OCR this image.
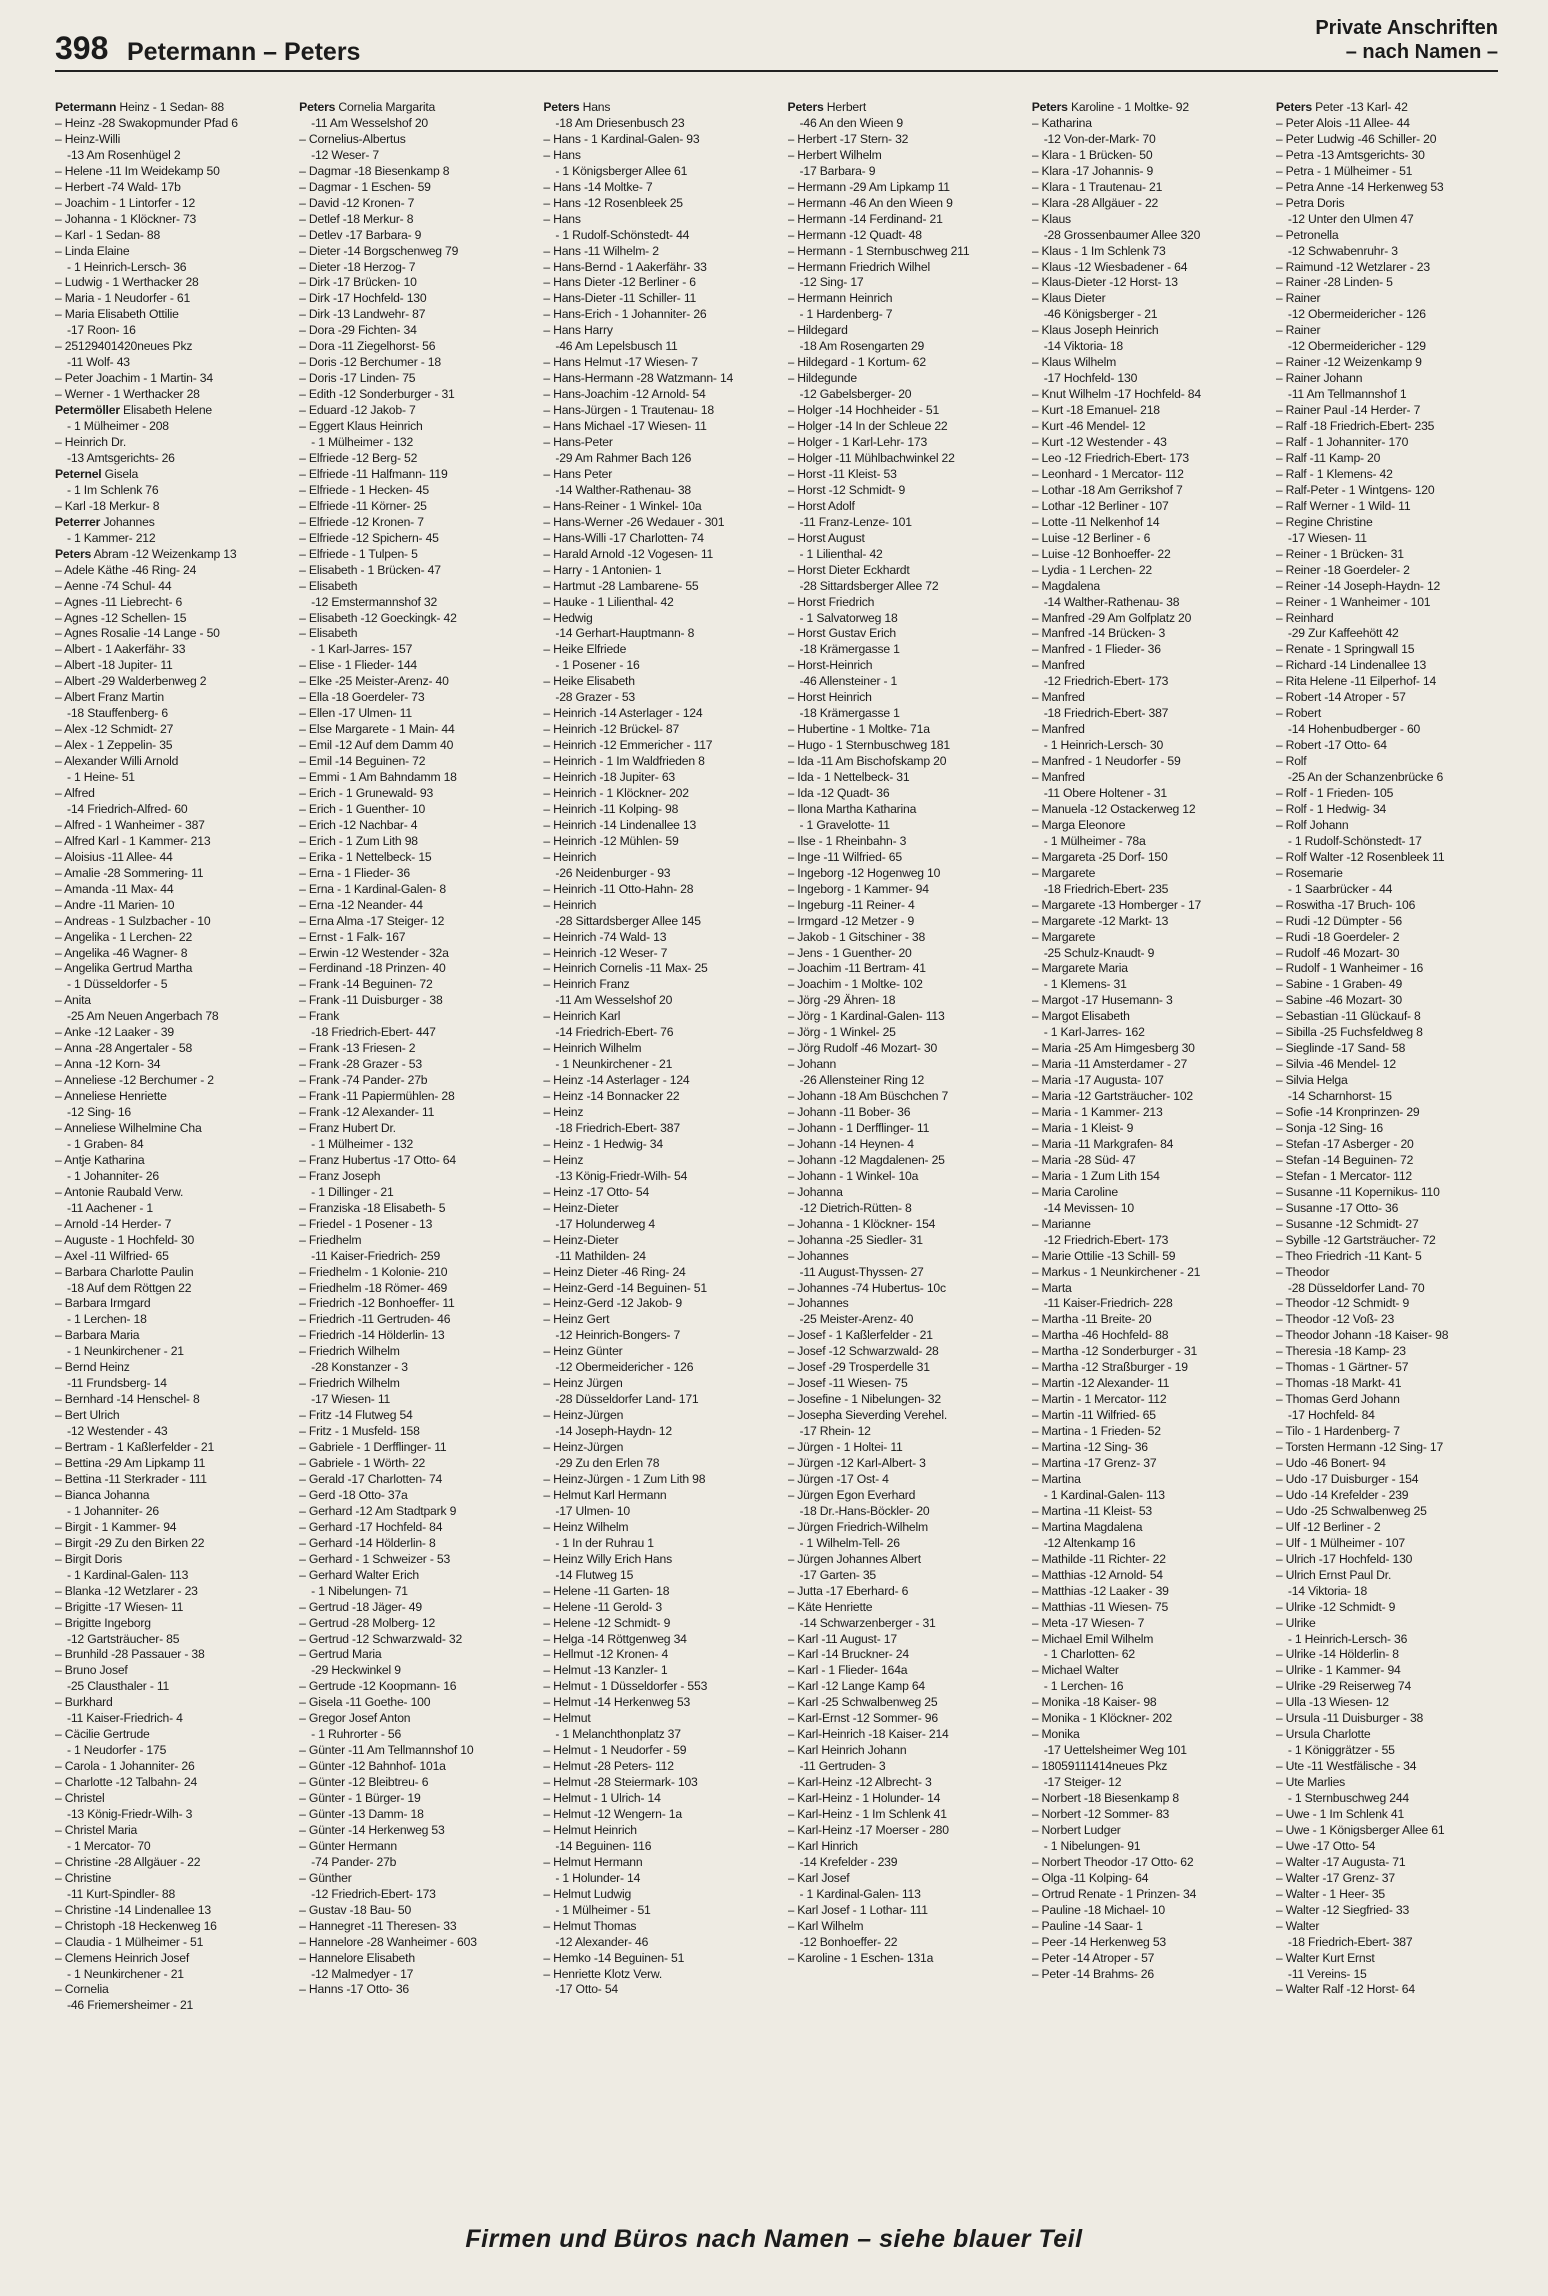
398 Petermann – Peters
Private Anschriften
– nach Namen –
Petermann Heinz - 1 Sedan- 88
– Heinz -28 Swakopmunder Pfad 6
– Heinz-Willi
-13 Am Rosenhügel 2
– Helene -11 Im Weidekamp 50
– Herbert -74 Wald- 17b
– Joachim - 1 Lintorfer - 12
– Johanna - 1 Klöckner- 73
– Karl - 1 Sedan- 88
– Linda Elaine
- 1 Heinrich-Lersch- 36
– Ludwig - 1 Werthacker 28
– Maria - 1 Neudorfer - 61
– Maria Elisabeth Ottilie
-17 Roon- 16
– 25129401420neues Pkz
-11 Wolf- 43
– Peter Joachim - 1 Martin- 34
– Werner - 1 Werthacker 28
Petermöller Elisabeth Helene
- 1 Mülheimer - 208
– Heinrich Dr.
-13 Amtsgerichts- 26
Peternel Gisela
- 1 Im Schlenk 76
– Karl -18 Merkur- 8
Peterrer Johannes
- 1 Kammer- 212
Peters Abram -12 Weizenkamp 13
– Adele Käthe -46 Ring- 24
– Aenne -74 Schul- 44
– Agnes -11 Liebrecht- 6
– Agnes -12 Schellen- 15
– Agnes Rosalie -14 Lange - 50
– Albert - 1 Aakerfähr- 33
– Albert -18 Jupiter- 11
– Albert -29 Walderbenweg 2
– Albert Franz Martin
-18 Stauffenberg- 6
– Alex -12 Schmidt- 27
– Alex - 1 Zeppelin- 35
– Alexander Willi Arnold
- 1 Heine- 51
– Alfred
-14 Friedrich-Alfred- 60
– Alfred - 1 Wanheimer - 387
– Alfred Karl - 1 Kammer- 213
– Aloisius -11 Allee- 44
– Amalie -28 Sommering- 11
– Amanda -11 Max- 44
– Andre -11 Marien- 10
– Andreas - 1 Sulzbacher - 10
– Angelika - 1 Lerchen- 22
– Angelika -46 Wagner- 8
– Angelika Gertrud Martha
- 1 Düsseldorfer - 5
– Anita
-25 Am Neuen Angerbach 78
– Anke -12 Laaker - 39
– Anna -28 Angertaler - 58
– Anna -12 Korn- 34
– Anneliese -12 Berchumer - 2
– Anneliese Henriette
-12 Sing- 16
– Anneliese Wilhelmine Cha
- 1 Graben- 84
– Antje Katharina
- 1 Johanniter- 26
– Antonie Raubald Verw.
-11 Aachener - 1
– Arnold -14 Herder- 7
– Auguste - 1 Hochfeld- 30
– Axel -11 Wilfried- 65
– Barbara Charlotte Paulin
-18 Auf dem Röttgen 22
– Barbara Irmgard
- 1 Lerchen- 18
– Barbara Maria
- 1 Neunkirchener - 21
– Bernd Heinz
-11 Frundsberg- 14
– Bernhard -14 Henschel- 8
– Bert Ulrich
-12 Westender - 43
– Bertram - 1 Kaßlerfelder - 21
– Bettina -29 Am Lipkamp 11
– Bettina -11 Sterkrader - 111
– Bianca Johanna
- 1 Johanniter- 26
– Birgit - 1 Kammer- 94
– Birgit -29 Zu den Birken 22
– Birgit Doris
- 1 Kardinal-Galen- 113
– Blanka -12 Wetzlarer - 23
– Brigitte -17 Wiesen- 11
– Brigitte Ingeborg
-12 Gartsträucher- 85
– Brunhild -28 Passauer - 38
– Bruno Josef
-25 Clausthaler - 11
– Burkhard
-11 Kaiser-Friedrich- 4
– Cäcilie Gertrude
- 1 Neudorfer - 175
– Carola - 1 Johanniter- 26
– Charlotte -12 Talbahn- 24
– Christel
-13 König-Friedr-Wilh- 3
– Christel Maria
- 1 Mercator- 70
– Christine -28 Allgäuer - 22
– Christine
-11 Kurt-Spindler- 88
– Christine -14 Lindenallee 13
– Christoph -18 Heckenweg 16
– Claudia - 1 Mülheimer - 51
– Clemens Heinrich Josef
- 1 Neunkirchener - 21
– Cornelia
-46 Friemersheimer - 21
Peters Cornelia Margarita
-11 Am Wesselshof 20
– Cornelius-Albertus
-12 Weser- 7
– Dagmar -18 Biesenkamp 8
– Dagmar - 1 Eschen- 59
– David -12 Kronen- 7
– Detlef -18 Merkur- 8
– Detlev -17 Barbara- 9
– Dieter -14 Borgschenweg 79
– Dieter -18 Herzog- 7
– Dirk -17 Brücken- 10
– Dirk -17 Hochfeld- 130
– Dirk -13 Landwehr- 87
– Dora -29 Fichten- 34
– Dora -11 Ziegelhorst- 56
– Doris -12 Berchumer - 18
– Doris -17 Linden- 75
– Edith -12 Sonderburger - 31
– Eduard -12 Jakob- 7
– Eggert Klaus Heinrich
- 1 Mülheimer - 132
– Elfriede -12 Berg- 52
– Elfriede -11 Halfmann- 119
– Elfriede - 1 Hecken- 45
– Elfriede -11 Körner- 25
– Elfriede -12 Kronen- 7
– Elfriede -12 Spichern- 45
– Elfriede - 1 Tulpen- 5
– Elisabeth - 1 Brücken- 47
– Elisabeth
-12 Emstermannshof 32
– Elisabeth -12 Goeckingk- 42
– Elisabeth
- 1 Karl-Jarres- 157
– Elise - 1 Flieder- 144
– Elke -25 Meister-Arenz- 40
– Ella -18 Goerdeler- 73
– Ellen -17 Ulmen- 11
– Else Margarete - 1 Main- 44
– Emil -12 Auf dem Damm 40
– Emil -14 Beguinen- 72
– Emmi - 1 Am Bahndamm 18
– Erich - 1 Grunewald- 93
– Erich - 1 Guenther- 10
– Erich -12 Nachbar- 4
– Erich - 1 Zum Lith 98
– Erika - 1 Nettelbeck- 15
– Erna - 1 Flieder- 36
– Erna - 1 Kardinal-Galen- 8
– Erna -12 Neander- 44
– Erna Alma -17 Steiger- 12
– Ernst - 1 Falk- 167
– Erwin -12 Westender - 32a
– Ferdinand -18 Prinzen- 40
– Frank -14 Beguinen- 72
– Frank -11 Duisburger - 38
– Frank
-18 Friedrich-Ebert- 447
– Frank -13 Friesen- 2
– Frank -28 Grazer - 53
– Frank -74 Pander- 27b
– Frank -11 Papiermühlen- 28
– Frank -12 Alexander- 11
– Franz Hubert Dr.
- 1 Mülheimer - 132
– Franz Hubertus -17 Otto- 64
– Franz Joseph
- 1 Dillinger - 21
– Franziska -18 Elisabeth- 5
– Friedel - 1 Posener - 13
– Friedhelm
-11 Kaiser-Friedrich- 259
– Friedhelm - 1 Kolonie- 210
– Friedhelm -18 Römer- 469
– Friedrich -12 Bonhoeffer- 11
– Friedrich -11 Gertruden- 46
– Friedrich -14 Hölderlin- 13
– Friedrich Wilhelm
-28 Konstanzer - 3
– Friedrich Wilhelm
-17 Wiesen- 11
– Fritz -14 Flutweg 54
– Fritz - 1 Musfeld- 158
– Gabriele - 1 Derfflinger- 11
– Gabriele - 1 Wörth- 22
– Gerald -17 Charlotten- 74
– Gerd -18 Otto- 37a
– Gerhard -12 Am Stadtpark 9
– Gerhard -17 Hochfeld- 84
– Gerhard -14 Hölderlin- 8
– Gerhard - 1 Schweizer - 53
– Gerhard Walter Erich
- 1 Nibelungen- 71
– Gertrud -18 Jäger- 49
– Gertrud -28 Molberg- 12
– Gertrud -12 Schwarzwald- 32
– Gertrud Maria
-29 Heckwinkel 9
– Gertrude -12 Koopmann- 16
– Gisela -11 Goethe- 100
– Gregor Josef Anton
- 1 Ruhrorter - 56
– Günter -11 Am Tellmannshof 10
– Günter -12 Bahnhof- 101a
– Günter -12 Bleibtreu- 6
– Günter - 1 Bürger- 19
– Günter -13 Damm- 18
– Günter -14 Herkenweg 53
– Günter Hermann
-74 Pander- 27b
– Günther
-12 Friedrich-Ebert- 173
– Gustav -18 Bau- 50
– Hannegret -11 Theresen- 33
– Hannelore -28 Wanheimer - 603
– Hannelore Elisabeth
-12 Malmedyer - 17
– Hanns -17 Otto- 36
Peters Hans
-18 Am Driesenbusch 23
– Hans - 1 Kardinal-Galen- 93
– Hans
- 1 Königsberger Allee 61
– Hans -14 Moltke- 7
– Hans -12 Rosenbleek 25
– Hans
- 1 Rudolf-Schönstedt- 44
– Hans -11 Wilhelm- 2
– Hans-Bernd - 1 Aakerfähr- 33
– Hans Dieter -12 Berliner - 6
– Hans-Dieter -11 Schiller- 11
– Hans-Erich - 1 Johanniter- 26
– Hans Harry
-46 Am Lepelsbusch 11
– Hans Helmut -17 Wiesen- 7
– Hans-Hermann -28 Watzmann- 14
– Hans-Joachim -12 Arnold- 54
– Hans-Jürgen - 1 Trautenau- 18
– Hans Michael -17 Wiesen- 11
– Hans-Peter
-29 Am Rahmer Bach 126
– Hans Peter
-14 Walther-Rathenau- 38
– Hans-Reiner - 1 Winkel- 10a
– Hans-Werner -26 Wedauer - 301
– Hans-Willi -17 Charlotten- 74
– Harald Arnold -12 Vogesen- 11
– Harry - 1 Antonien- 1
– Hartmut -28 Lambarene- 55
– Hauke - 1 Lilienthal- 42
– Hedwig
-14 Gerhart-Hauptmann- 8
– Heike Elfriede
- 1 Posener - 16
– Heike Elisabeth
-28 Grazer - 53
– Heinrich -14 Asterlager - 124
– Heinrich -12 Brückel- 87
– Heinrich -12 Emmericher - 117
– Heinrich - 1 Im Waldfrieden 8
– Heinrich -18 Jupiter- 63
– Heinrich - 1 Klöckner- 202
– Heinrich -11 Kolping- 98
– Heinrich -14 Lindenallee 13
– Heinrich -12 Mühlen- 59
– Heinrich
-26 Neidenburger - 93
– Heinrich -11 Otto-Hahn- 28
– Heinrich
-28 Sittardsberger Allee 145
– Heinrich -74 Wald- 13
– Heinrich -12 Weser- 7
– Heinrich Cornelis -11 Max- 25
– Heinrich Franz
-11 Am Wesselshof 20
– Heinrich Karl
-14 Friedrich-Ebert- 76
– Heinrich Wilhelm
- 1 Neunkirchener - 21
– Heinz -14 Asterlager - 124
– Heinz -14 Bonnacker 22
– Heinz
-18 Friedrich-Ebert- 387
– Heinz - 1 Hedwig- 34
– Heinz
-13 König-Friedr-Wilh- 54
– Heinz -17 Otto- 54
– Heinz-Dieter
-17 Holunderweg 4
– Heinz-Dieter
-11 Mathilden- 24
– Heinz Dieter -46 Ring- 24
– Heinz-Gerd -14 Beguinen- 51
– Heinz-Gerd -12 Jakob- 9
– Heinz Gert
-12 Heinrich-Bongers- 7
– Heinz Günter
-12 Obermeidericher - 126
– Heinz Jürgen
-28 Düsseldorfer Land- 171
– Heinz-Jürgen
-14 Joseph-Haydn- 12
– Heinz-Jürgen
-29 Zu den Erlen 78
– Heinz-Jürgen - 1 Zum Lith 98
– Helmut Karl Hermann
-17 Ulmen- 10
– Heinz Wilhelm
- 1 In der Ruhrau 1
– Heinz Willy Erich Hans
-14 Flutweg 15
– Helene -11 Garten- 18
– Helene -11 Gerold- 3
– Helene -12 Schmidt- 9
– Helga -14 Röttgenweg 34
– Hellmut -12 Kronen- 4
– Helmut -13 Kanzler- 1
– Helmut - 1 Düsseldorfer - 553
– Helmut -14 Herkenweg 53
– Helmut
- 1 Melanchthonplatz 37
– Helmut - 1 Neudorfer - 59
– Helmut -28 Peters- 112
– Helmut -28 Steiermark- 103
– Helmut - 1 Ulrich- 14
– Helmut -12 Wengern- 1a
– Helmut Heinrich
-14 Beguinen- 116
– Helmut Hermann
- 1 Holunder- 14
– Helmut Ludwig
- 1 Mülheimer - 51
– Helmut Thomas
-12 Alexander- 46
– Hemko -14 Beguinen- 51
– Henriette Klotz Verw.
-17 Otto- 54
Peters Herbert
-46 An den Wieen 9
– Herbert -17 Stern- 32
– Herbert Wilhelm
-17 Barbara- 9
– Hermann -29 Am Lipkamp 11
– Hermann -46 An den Wieen 9
– Hermann -14 Ferdinand- 21
– Hermann -12 Quadt- 48
– Hermann - 1 Sternbuschweg 211
– Hermann Friedrich Wilhel
-12 Sing- 17
– Hermann Heinrich
- 1 Hardenberg- 7
– Hildegard
-18 Am Rosengarten 29
– Hildegard - 1 Kortum- 62
– Hildegunde
-12 Gabelsberger- 20
– Holger -14 Hochheider - 51
– Holger -14 In der Schleue 22
– Holger - 1 Karl-Lehr- 173
– Holger -11 Mühlbachwinkel 22
– Horst -11 Kleist- 53
– Horst -12 Schmidt- 9
– Horst Adolf
-11 Franz-Lenze- 101
– Horst August
- 1 Lilienthal- 42
– Horst Dieter Eckhardt
-28 Sittardsberger Allee 72
– Horst Friedrich
- 1 Salvatorweg 18
– Horst Gustav Erich
-18 Krämergasse 1
– Horst-Heinrich
-46 Allensteiner - 1
– Horst Heinrich
-18 Krämergasse 1
– Hubertine - 1 Moltke- 71a
– Hugo - 1 Sternbuschweg 181
– Ida -11 Am Bischofskamp 20
– Ida - 1 Nettelbeck- 31
– Ida -12 Quadt- 36
– Ilona Martha Katharina
- 1 Gravelotte- 11
– Ilse - 1 Rheinbahn- 3
– Inge -11 Wilfried- 65
– Ingeborg -12 Hogenweg 10
– Ingeborg - 1 Kammer- 94
– Ingeburg -11 Reiner- 4
– Irmgard -12 Metzer - 9
– Jakob - 1 Gitschiner - 38
– Jens - 1 Guenther- 20
– Joachim -11 Bertram- 41
– Joachim - 1 Moltke- 102
– Jörg -29 Ähren- 18
– Jörg - 1 Kardinal-Galen- 113
– Jörg - 1 Winkel- 25
– Jörg Rudolf -46 Mozart- 30
– Johann
-26 Allensteiner Ring 12
– Johann -18 Am Büschchen 7
– Johann -11 Bober- 36
– Johann - 1 Derfflinger- 11
– Johann -14 Heynen- 4
– Johann -12 Magdalenen- 25
– Johann - 1 Winkel- 10a
– Johanna
-12 Dietrich-Rütten- 8
– Johanna - 1 Klöckner- 154
– Johanna -25 Siedler- 31
– Johannes
-11 August-Thyssen- 27
– Johannes -74 Hubertus- 10c
– Johannes
-25 Meister-Arenz- 40
– Josef - 1 Kaßlerfelder - 21
– Josef -12 Schwarzwald- 28
– Josef -29 Trosperdelle 31
– Josef -11 Wiesen- 75
– Josefine - 1 Nibelungen- 32
– Josepha Sieverding Verehel.
-17 Rhein- 12
– Jürgen - 1 Holtei- 11
– Jürgen -12 Karl-Albert- 3
– Jürgen -17 Ost- 4
– Jürgen Egon Everhard
-18 Dr.-Hans-Böckler- 20
– Jürgen Friedrich-Wilhelm
- 1 Wilhelm-Tell- 26
– Jürgen Johannes Albert
-17 Garten- 35
– Jutta -17 Eberhard- 6
– Käte Henriette
-14 Schwarzenberger - 31
– Karl -11 August- 17
– Karl -14 Bruckner- 24
– Karl - 1 Flieder- 164a
– Karl -12 Lange Kamp 64
– Karl -25 Schwalbenweg 25
– Karl-Ernst -12 Sommer- 96
– Karl-Heinrich -18 Kaiser- 214
– Karl Heinrich Johann
-11 Gertruden- 3
– Karl-Heinz -12 Albrecht- 3
– Karl-Heinz - 1 Holunder- 14
– Karl-Heinz - 1 Im Schlenk 41
– Karl-Heinz -17 Moerser - 280
– Karl Hinrich
-14 Krefelder - 239
– Karl Josef
- 1 Kardinal-Galen- 113
– Karl Josef - 1 Lothar- 111
– Karl Wilhelm
-12 Bonhoeffer- 22
– Karoline - 1 Eschen- 131a
Peters Karoline - 1 Moltke- 92
– Katharina
-12 Von-der-Mark- 70
– Klara - 1 Brücken- 50
– Klara -17 Johannis- 9
– Klara - 1 Trautenau- 21
– Klara -28 Allgäuer - 22
– Klaus
-28 Grossenbaumer Allee 320
– Klaus - 1 Im Schlenk 73
– Klaus -12 Wiesbadener - 64
– Klaus-Dieter -12 Horst- 13
– Klaus Dieter
-46 Königsberger - 21
– Klaus Joseph Heinrich
-14 Viktoria- 18
– Klaus Wilhelm
-17 Hochfeld- 130
– Knut Wilhelm -17 Hochfeld- 84
– Kurt -18 Emanuel- 218
– Kurt -46 Mendel- 12
– Kurt -12 Westender - 43
– Leo -12 Friedrich-Ebert- 173
– Leonhard - 1 Mercator- 112
– Lothar -18 Am Gerrikshof 7
– Lothar -12 Berliner - 107
– Lotte -11 Nelkenhof 14
– Luise -12 Berliner - 6
– Luise -12 Bonhoeffer- 22
– Lydia - 1 Lerchen- 22
– Magdalena
-14 Walther-Rathenau- 38
– Manfred -29 Am Golfplatz 20
– Manfred -14 Brücken- 3
– Manfred - 1 Flieder- 36
– Manfred
-12 Friedrich-Ebert- 173
– Manfred
-18 Friedrich-Ebert- 387
– Manfred
- 1 Heinrich-Lersch- 30
– Manfred - 1 Neudorfer - 59
– Manfred
-11 Obere Holtener - 31
– Manuela -12 Ostackerweg 12
– Marga Eleonore
- 1 Mülheimer - 78a
– Margareta -25 Dorf- 150
– Margarete
-18 Friedrich-Ebert- 235
– Margarete -13 Homberger - 17
– Margarete -12 Markt- 13
– Margarete
-25 Schulz-Knaudt- 9
– Margarete Maria
- 1 Klemens- 31
– Margot -17 Husemann- 3
– Margot Elisabeth
- 1 Karl-Jarres- 162
– Maria -25 Am Himgesberg 30
– Maria -11 Amsterdamer - 27
– Maria -17 Augusta- 107
– Maria -12 Gartsträucher- 102
– Maria - 1 Kammer- 213
– Maria - 1 Kleist- 9
– Maria -11 Markgrafen- 84
– Maria -28 Süd- 47
– Maria - 1 Zum Lith 154
– Maria Caroline
-14 Mevissen- 10
– Marianne
-12 Friedrich-Ebert- 173
– Marie Ottilie -13 Schill- 59
– Markus - 1 Neunkirchener - 21
– Marta
-11 Kaiser-Friedrich- 228
– Martha -11 Breite- 20
– Martha -46 Hochfeld- 88
– Martha -12 Sonderburger - 31
– Martha -12 Straßburger - 19
– Martin -12 Alexander- 11
– Martin - 1 Mercator- 112
– Martin -11 Wilfried- 65
– Martina - 1 Frieden- 52
– Martina -12 Sing- 36
– Martina -17 Grenz- 37
– Martina
- 1 Kardinal-Galen- 113
– Martina -11 Kleist- 53
– Martina Magdalena
-12 Altenkamp 16
– Mathilde -11 Richter- 22
– Matthias -12 Arnold- 54
– Matthias -12 Laaker - 39
– Matthias -11 Wiesen- 75
– Meta -17 Wiesen- 7
– Michael Emil Wilhelm
- 1 Charlotten- 62
– Michael Walter
- 1 Lerchen- 16
– Monika -18 Kaiser- 98
– Monika - 1 Klöckner- 202
– Monika
-17 Uettelsheimer Weg 101
– 18059111414neues Pkz
-17 Steiger- 12
– Norbert -18 Biesenkamp 8
– Norbert -12 Sommer- 83
– Norbert Ludger
- 1 Nibelungen- 91
– Norbert Theodor -17 Otto- 62
– Olga -11 Kolping- 64
– Ortrud Renate - 1 Prinzen- 34
– Pauline -18 Michael- 10
– Pauline -14 Saar- 1
– Peer -14 Herkenweg 53
– Peter -14 Atroper - 57
– Peter -14 Brahms- 26
Peters Peter -13 Karl- 42
– Peter Alois -11 Allee- 44
– Peter Ludwig -46 Schiller- 20
– Petra -13 Amtsgerichts- 30
– Petra - 1 Mülheimer - 51
– Petra Anne -14 Herkenweg 53
– Petra Doris
-12 Unter den Ulmen 47
– Petronella
-12 Schwabenruhr- 3
– Raimund -12 Wetzlarer - 23
– Rainer -28 Linden- 5
– Rainer
-12 Obermeidericher - 126
– Rainer
-12 Obermeidericher - 129
– Rainer -12 Weizenkamp 9
– Rainer Johann
-11 Am Tellmannshof 1
– Rainer Paul -14 Herder- 7
– Ralf -18 Friedrich-Ebert- 235
– Ralf - 1 Johanniter- 170
– Ralf -11 Kamp- 20
– Ralf - 1 Klemens- 42
– Ralf-Peter - 1 Wintgens- 120
– Ralf Werner - 1 Wild- 11
– Regine Christine
-17 Wiesen- 11
– Reiner - 1 Brücken- 31
– Reiner -18 Goerdeler- 2
– Reiner -14 Joseph-Haydn- 12
– Reiner - 1 Wanheimer - 101
– Reinhard
-29 Zur Kaffeehött 42
– Renate - 1 Springwall 15
– Richard -14 Lindenallee 13
– Rita Helene -11 Eilperhof- 14
– Robert -14 Atroper - 57
– Robert
-14 Hohenbudberger - 60
– Robert -17 Otto- 64
– Rolf
-25 An der Schanzenbrücke 6
– Rolf - 1 Frieden- 105
– Rolf - 1 Hedwig- 34
– Rolf Johann
- 1 Rudolf-Schönstedt- 17
– Rolf Walter -12 Rosenbleek 11
– Rosemarie
- 1 Saarbrücker - 44
– Roswitha -17 Bruch- 106
– Rudi -12 Dümpter - 56
– Rudi -18 Goerdeler- 2
– Rudolf -46 Mozart- 30
– Rudolf - 1 Wanheimer - 16
– Sabine - 1 Graben- 49
– Sabine -46 Mozart- 30
– Sebastian -11 Glückauf- 8
– Sibilla -25 Fuchsfeldweg 8
– Sieglinde -17 Sand- 58
– Silvia -46 Mendel- 12
– Silvia Helga
-14 Scharnhorst- 15
– Sofie -14 Kronprinzen- 29
– Sonja -12 Sing- 16
– Stefan -17 Asberger - 20
– Stefan -14 Beguinen- 72
– Stefan - 1 Mercator- 112
– Susanne -11 Kopernikus- 110
– Susanne -17 Otto- 36
– Susanne -12 Schmidt- 27
– Sybille -12 Gartsträucher- 72
– Theo Friedrich -11 Kant- 5
– Theodor
-28 Düsseldorfer Land- 70
– Theodor -12 Schmidt- 9
– Theodor -12 Voß- 23
– Theodor Johann -18 Kaiser- 98
– Theresia -18 Kamp- 23
– Thomas - 1 Gärtner- 57
– Thomas -18 Markt- 41
– Thomas Gerd Johann
-17 Hochfeld- 84
– Tilo - 1 Hardenberg- 7
– Torsten Hermann -12 Sing- 17
– Udo -46 Bonert- 94
– Udo -17 Duisburger - 154
– Udo -14 Krefelder - 239
– Udo -25 Schwalbenweg 25
– Ulf -12 Berliner - 2
– Ulf - 1 Mülheimer - 107
– Ulrich -17 Hochfeld- 130
– Ulrich Ernst Paul Dr.
-14 Viktoria- 18
– Ulrike -12 Schmidt- 9
– Ulrike
- 1 Heinrich-Lersch- 36
– Ulrike -14 Hölderlin- 8
– Ulrike - 1 Kammer- 94
– Ulrike -29 Reiserweg 74
– Ulla -13 Wiesen- 12
– Ursula -11 Duisburger - 38
– Ursula Charlotte
- 1 Königgrätzer - 55
– Ute -11 Westfälische - 34
– Ute Marlies
- 1 Sternbuschweg 244
– Uwe - 1 Im Schlenk 41
– Uwe - 1 Königsberger Allee 61
– Uwe -17 Otto- 54
– Walter -17 Augusta- 71
– Walter -17 Grenz- 37
– Walter - 1 Heer- 35
– Walter -12 Siegfried- 33
– Walter
-18 Friedrich-Ebert- 387
– Walter Kurt Ernst
-11 Vereins- 15
– Walter Ralf -12 Horst- 64
Firmen und Büros nach Namen – siehe blauer Teil
